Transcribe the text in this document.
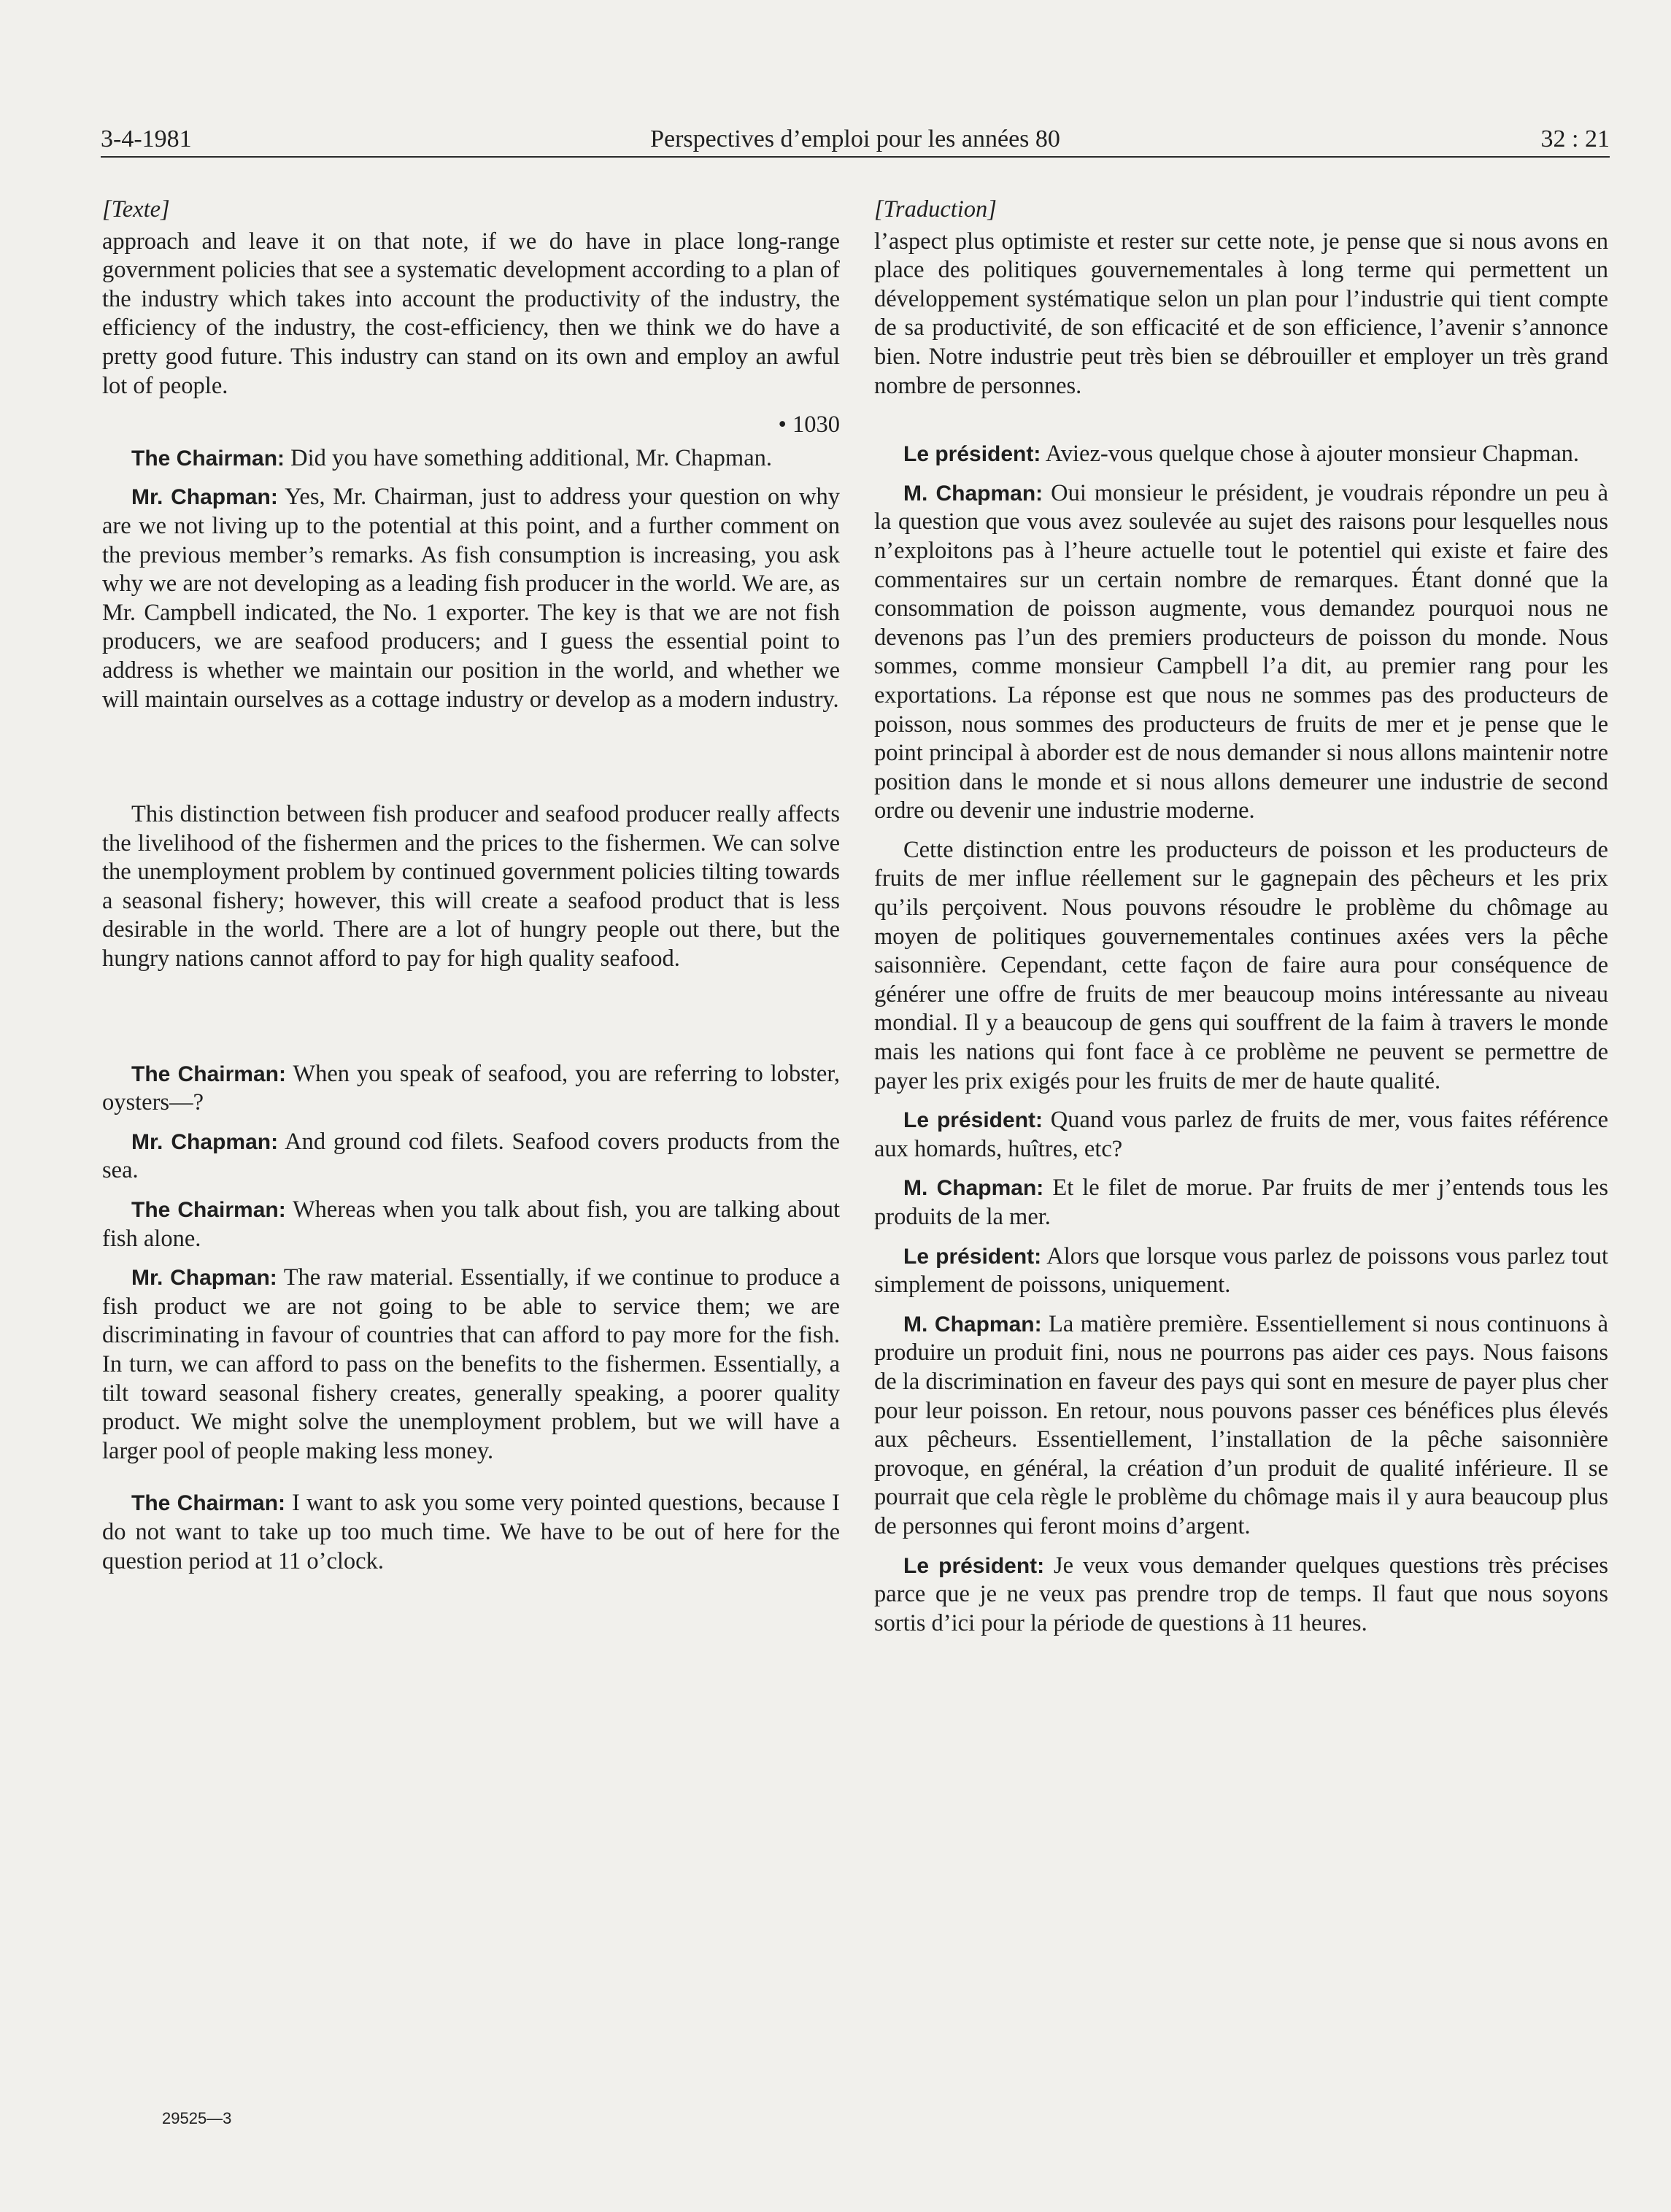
3-4-1981	Perspectives d’emploi pour les années 80	32 : 21

[Texte]

approach and leave it on that note, if we do have in place long-range government policies that see a systematic development according to a plan of the industry which takes into account the productivity of the industry, the efficiency of the industry, the cost-efficiency, then we think we do have a pretty good future. This industry can stand on its own and employ an awful lot of people.

• 1030

The Chairman: Did you have something additional, Mr. Chapman.

Mr. Chapman: Yes, Mr. Chairman, just to address your question on why are we not living up to the potential at this point, and a further comment on the previous member’s remarks. As fish consumption is increasing, you ask why we are not developing as a leading fish producer in the world. We are, as Mr. Campbell indicated, the No. 1 exporter. The key is that we are not fish producers, we are seafood producers; and I guess the essential point to address is whether we maintain our position in the world, and whether we will maintain ourselves as a cottage industry or develop as a modern industry.

This distinction between fish producer and seafood producer really affects the livelihood of the fishermen and the prices to the fishermen. We can solve the unemployment problem by continued government policies tilting towards a seasonal fishery; however, this will create a seafood product that is less desirable in the world. There are a lot of hungry people out there, but the hungry nations cannot afford to pay for high quality seafood.

The Chairman: When you speak of seafood, you are referring to lobster, oysters—?

Mr. Chapman: And ground cod filets. Seafood covers products from the sea.

The Chairman: Whereas when you talk about fish, you are talking about fish alone.

Mr. Chapman: The raw material. Essentially, if we continue to produce a fish product we are not going to be able to service them; we are discriminating in favour of countries that can afford to pay more for the fish. In turn, we can afford to pass on the benefits to the fishermen. Essentially, a tilt toward seasonal fishery creates, generally speaking, a poorer quality product. We might solve the unemployment problem, but we will have a larger pool of people making less money.

The Chairman: I want to ask you some very pointed questions, because I do not want to take up too much time. We have to be out of here for the question period at 11 o’clock.

[Traduction]

l’aspect plus optimiste et rester sur cette note, je pense que si nous avons en place des politiques gouvernementales à long terme qui permettent un développement systématique selon un plan pour l’industrie qui tient compte de sa productivité, de son efficacité et de son efficience, l’avenir s’annonce bien. Notre industrie peut très bien se débrouiller et employer un très grand nombre de personnes.

Le président: Aviez-vous quelque chose à ajouter monsieur Chapman.

M. Chapman: Oui monsieur le président, je voudrais répondre un peu à la question que vous avez soulevée au sujet des raisons pour lesquelles nous n’exploitons pas à l’heure actuelle tout le potentiel qui existe et faire des commentaires sur un certain nombre de remarques. Étant donné que la consommation de poisson augmente, vous demandez pourquoi nous ne devenons pas l’un des premiers producteurs de poisson du monde. Nous sommes, comme monsieur Campbell l’a dit, au premier rang pour les exportations. La réponse est que nous ne sommes pas des producteurs de poisson, nous sommes des producteurs de fruits de mer et je pense que le point principal à aborder est de nous demander si nous allons maintenir notre position dans le monde et si nous allons demeurer une industrie de second ordre ou devenir une industrie moderne.

Cette distinction entre les producteurs de poisson et les producteurs de fruits de mer influe réellement sur le gagnepain des pêcheurs et les prix qu’ils perçoivent. Nous pouvons résoudre le problème du chômage au moyen de politiques gouvernementales continues axées vers la pêche saisonnière. Cependant, cette façon de faire aura pour conséquence de générer une offre de fruits de mer beaucoup moins intéressante au niveau mondial. Il y a beaucoup de gens qui souffrent de la faim à travers le monde mais les nations qui font face à ce problème ne peuvent se permettre de payer les prix exigés pour les fruits de mer de haute qualité.

Le président: Quand vous parlez de fruits de mer, vous faites référence aux homards, huîtres, etc?

M. Chapman: Et le filet de morue. Par fruits de mer j’entends tous les produits de la mer.

Le président: Alors que lorsque vous parlez de poissons vous parlez tout simplement de poissons, uniquement.

M. Chapman: La matière première. Essentiellement si nous continuons à produire un produit fini, nous ne pourrons pas aider ces pays. Nous faisons de la discrimination en faveur des pays qui sont en mesure de payer plus cher pour leur poisson. En retour, nous pouvons passer ces bénéfices plus élevés aux pêcheurs. Essentiellement, l’installation de la pêche saisonnière provoque, en général, la création d’un produit de qualité inférieure. Il se pourrait que cela règle le problème du chômage mais il y aura beaucoup plus de personnes qui feront moins d’argent.

Le président: Je veux vous demander quelques questions très précises parce que je ne veux pas prendre trop de temps. Il faut que nous soyons sortis d’ici pour la période de questions à 11 heures.

29525—3
